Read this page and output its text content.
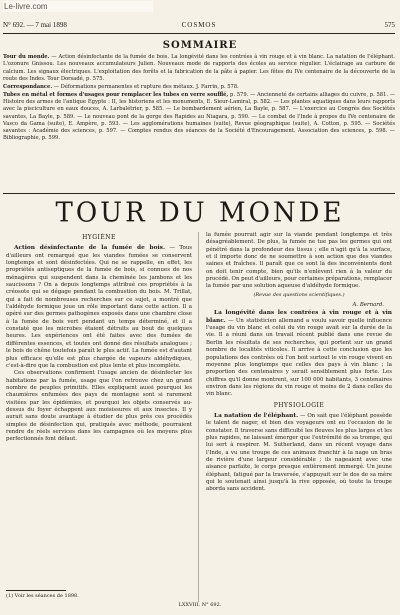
Le-livre.com
N° 692. — 7 mai 1898	COSMOS	575
SOMMAIRE

Tour du monde. — Action désinfectante de la fumée de bois. La longévité dans les contrées à vin rouge et à vin blanc. La natation de l'éléphant. L'ozonure Gnissou. Les nouveaux accumulateurs Julien. Nouveaux mode de rapports des écoles au service régulier. L'éclairage au carbure de calcium. Les signaux électriques. L'exploitation des forêts et la fabrication de la pâte à papier. Les fêtes du IVe centenaire de la découverte de la route des Indes. Tour Dorsadé, p. 575.

Correspondance. — Déformations permanentes et rupture des métaux. J. Farrin, p. 578.

Tubes en métal et formes d'usages pour remplacer les tubes en verre soufflé, p. 579. — Ancienneté de certains alliages du cuivre, p. 581. — Histoire des armes de l'antique Égypte : II, les historiens et les monuments, E. Sieur-Lamiral, p. 582. — Les plantes aquatiques dans leurs rapports avec la pisciculture en eaux douces, A. Larbalétrier, p. 585. — Le bombardement aérien, La Bayle, p. 587. — L'exercice au Congrès des Sociétés savantes, La Bayle, p. 589. — Le nouveau pont de la gorge des Rapides au Niagara, p. 590. — Le combat de l'Inde à propos du IVe centenaire de Vasco da Gama (suite), E. Ampère, p. 593. — Les agglomérations humaines (suite), Revue géographique (suite), A. Cotton, p. 595. — Sociétés savantes : Académie des sciences, p. 597. — Comptes rendus des séances de la Société d'Encouragement. Association des sciences, p. 598. — Bibliographie, p. 599.

TOUR DU MONDE
HYGIÈNE

Action désinfectante de la fumée de bois. — Tous d'ailleurs ont remarqué que les viandes fumées se conservent longtemps et sont désinfectées. Qui ne se rappelle, en effet, les propriétés antiseptiques de la fumée de bois, si connues de nos ménagères qui suspendent dans la cheminée les jambons et les saucissons ? On a depuis longtemps attribué ces propriétés à la créosote qui se dégage pendant la combustion du bois. M. Trillat, qui a fait de nombreuses recherches sur ce sujet, a montré que l'aldéhyde formique joue un rôle important dans cette action. Il a opéré sur des germes pathogènes exposés dans une chambre close à la fumée de bois vert pendant un temps déterminé, et il a constaté que les microbes étaient détruits au bout de quelques heures. Les expériences ont été faites avec des fumées de différentes essences, et toutes ont donné des résultats analogues ; le bois de chêne toutefois paraît le plus actif. La fumée est d'autant plus efficace qu'elle est plus chargée de vapeurs aldéhydiques, c'est-à-dire que la combustion est plus lente et plus incomplète.

Ces observations confirment l'usage ancien de désinfecter les habitations par la fumée, usage que l'on retrouve chez un grand nombre de peuples primitifs. Elles expliquent aussi pourquoi les chaumières enfumées des pays de montagne sont si rarement visitées par les épidémies, et pourquoi les objets conservés au-dessus du foyer échappent aux moisissures et aux insectes. Il y aurait sans doute avantage à étudier de plus près ces procédés simples de désinfection qui, pratiqués avec méthode, pourraient rendre de réels services dans les campagnes où les moyens plus perfectionnés font défaut.

la fumée pourrait agir sur la viande pendant longtemps et très désagréablement. De plus, la fumée ne tue pas les germes qui ont pénétré dans la profondeur des tissus ; elle n'agit qu'à la surface, et il importe donc de ne soumettre à son action que des viandes saines et fraîches. Il paraît que ce sont là des inconvénients dont on doit tenir compte, bien qu'ils n'enlèvent rien à la valeur du procédé. On peut d'ailleurs, pour certaines préparations, remplacer la fumée par une solution aqueuse d'aldéhyde formique.

(Revue des questions scientifiques.)
A. Bernard.

La longévité dans les contrées à vin rouge et à vin blanc. — Un statisticien allemand a voulu savoir quelle influence l'usage du vin blanc et celui du vin rouge avait sur la durée de la vie. Il a réuni dans un travail récent publié dans une revue de Berlin les résultats de ses recherches, qui portent sur un grand nombre de localités viticoles. Il arrive à cette conclusion que les populations des contrées où l'on boit surtout le vin rouge vivent en moyenne plus longtemps que celles des pays à vin blanc ; la proportion des centenaires y serait sensiblement plus forte. Les chiffres qu'il donne montrent, sur 100 000 habitants, 3 centenaires environ dans les régions du vin rouge et moins de 2 dans celles du vin blanc.

PHYSIOLOGIE

La natation de l'éléphant. — On sait que l'éléphant possède le talent de nager, et bien des voyageurs ont eu l'occasion de le constater. Il traverse sans difficulté les fleuves les plus larges et les plus rapides, ne laissant émerger que l'extrémité de sa trompe, qui lui sert à respirer. M. Sutherland, dans un récent voyage dans l'Inde, a vu une troupe de ces animaux franchir à la nage un bras de rivière d'une largeur considérable ; ils nageaient avec une aisance parfaite, le corps presque entièrement immergé. Un jeune éléphant, fatigué par la traversée, s'appuyait sur le dos de sa mère qui le soutenait ainsi jusqu'à la rive opposée, où toute la troupe aborda sans accident.

(1) Voir les séances de 1898.
LXXVIII. N° 692.
